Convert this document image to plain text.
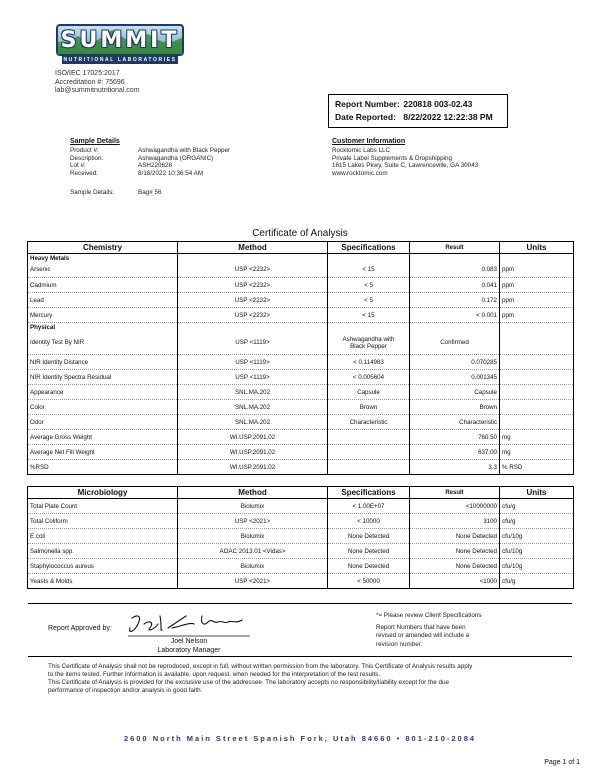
SUMMIT
NUTRITIONAL LABORATORIES
ISO/IEC 17025:2017
Accreditation #: 75696
lab@summitnutritional.com
Report Number: 220818 003-02.43
Date Reported: 8/22/2022 12:22:38 PM
Sample Details
Product #:	Ashwagandha with Black Pepper
Description:	Ashwagandha (ORGANIC)
Lot #:	ASH220628
Received:	8/18/2022 10:36:54 AM
Sample Details:	Bag# 56
Customer Information
Rocktomic Labs LLC
Private Label Supplements & Dropshipping
1615 Lakes Pkwy, Suite C, Lawrenceville, GA 30043
www.rocktomic.com
Certificate of Analysis
Chemistry	Method	Specifications	Result	Units
Heavy Metals				
Arsenic	USP <2232>	< 15	0.083	ppm
Cadmium	USP <2232>	< 5	0.041	ppm
Lead	USP <2232>	< 5	0.172	ppm
Mercury	USP <2232>	< 15	< 0.001	ppm
Physical				
Identity Test By NIR	USP <1119>	Ashwagandha with
Black Pepper	Confirmed	
NIR Identity Distance	USP <1119>	< 0.114983	0.070285	
NIR Identity Spectra Residual	USP <1119>	< 0.005604	0.001345	
Appearance	SNL.MA.202	Capsule	Capsule	
Color	SNL.MA.202	Brown	Brown	
Odor	SNL.MA.202	Characteristic	Characteristic	
Average Gross Weight	WI.USP.2091.02		760.50	mg
Average Net Fill Weight	WI.USP.2091.02		637.00	mg
%RSD	WI.USP.2091.02		3.3	% RSD
Microbiology	Method	Specifications	Result	Units
Total Plate Count	Biolumix	< 1.00E+07	<10000000	cfu/g
Total Coliform	USP <2021>	< 10000	3100	cfu/g
E.coli	Biolumix	None Detected	None Detected	cfu/10g
Salmonella spp.	AOAC 2013.01 <Vidas>	None Detected	None Detected	cfu/10g
Staphylococcus aureus	Biolumix	None Detected	None Detected	cfu/10g
Yeasts & Molds	USP <2021>	< 50000	<1000	cfu/g
Report Approved by:
Joel Nelson
Laboratory Manager
*= Please review Client Specifications
Report Numbers that have been
revised or amended will include a
revision number.
This Certificate of Analysis shall not be reproduced, except in full, without written permission from the laboratory. This Certificate of Analysis results apply
to the items tested. Further information is available, upon request, when needed for the interpretation of the test results.
This Certificate of Analysis is provided for the exclusive use of the addressee. The laboratory accepts no responsibility/liability except for the due
performance of inspection and/or analysis in good faith.
2600 North Main Street Spanish Fork, Utah 84660 • 801-210-2084
Page 1 of 1
